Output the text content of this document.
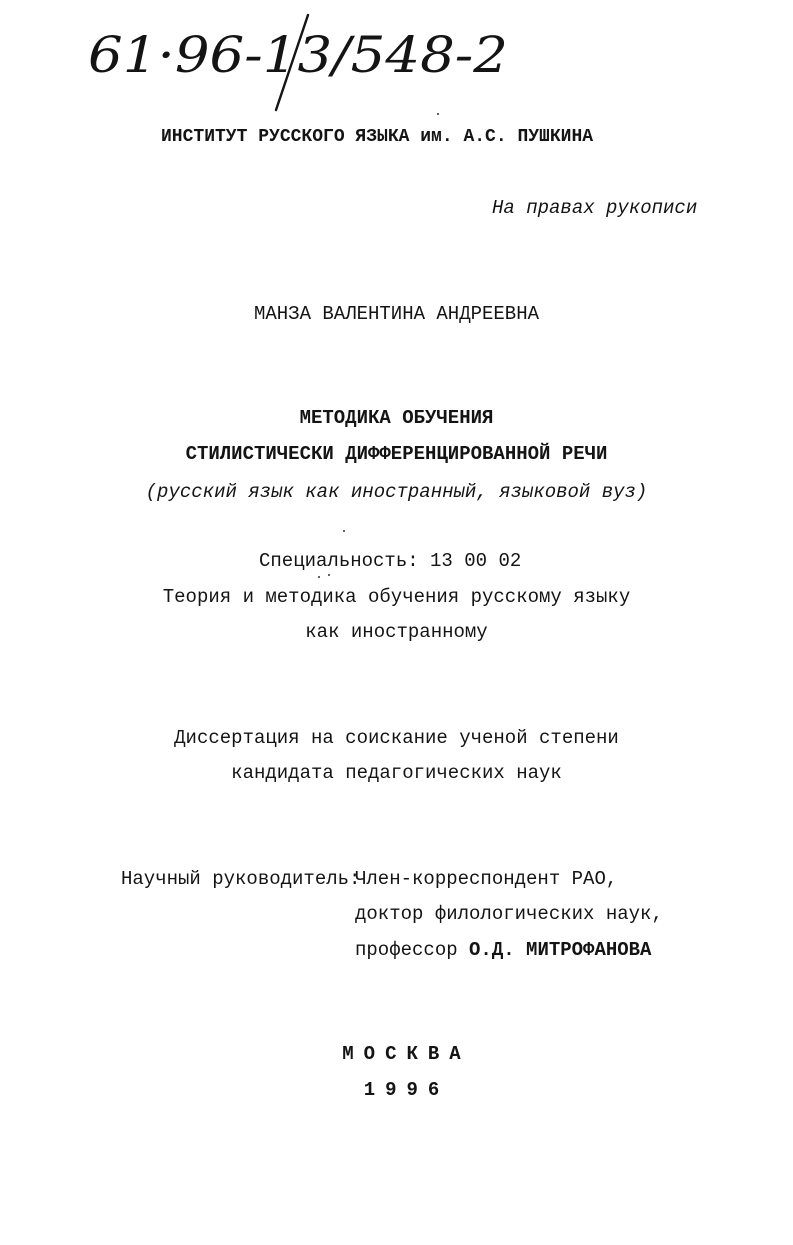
61·96-13/548-2
ИНСТИТУТ РУССКОГО ЯЗЫКА им. А.С. ПУШКИНА
На правах рукописи
МАНЗА ВАЛЕНТИНА АНДРЕЕВНА
МЕТОДИКА ОБУЧЕНИЯ
СТИЛИСТИЧЕСКИ ДИФФЕРЕНЦИРОВАННОЙ РЕЧИ
(русский язык как иностранный, языковой вуз)
Специальность: 13 00 02
Теория и методика обучения русскому языку
как иностранному
Диссертация на соискание ученой степени
кандидата педагогических наук
Научный руководитель:
Член-корреспондент РАО,
доктор филологических наук,
профессор О.Д. МИТРОФАНОВА
МОСКВА
1996
